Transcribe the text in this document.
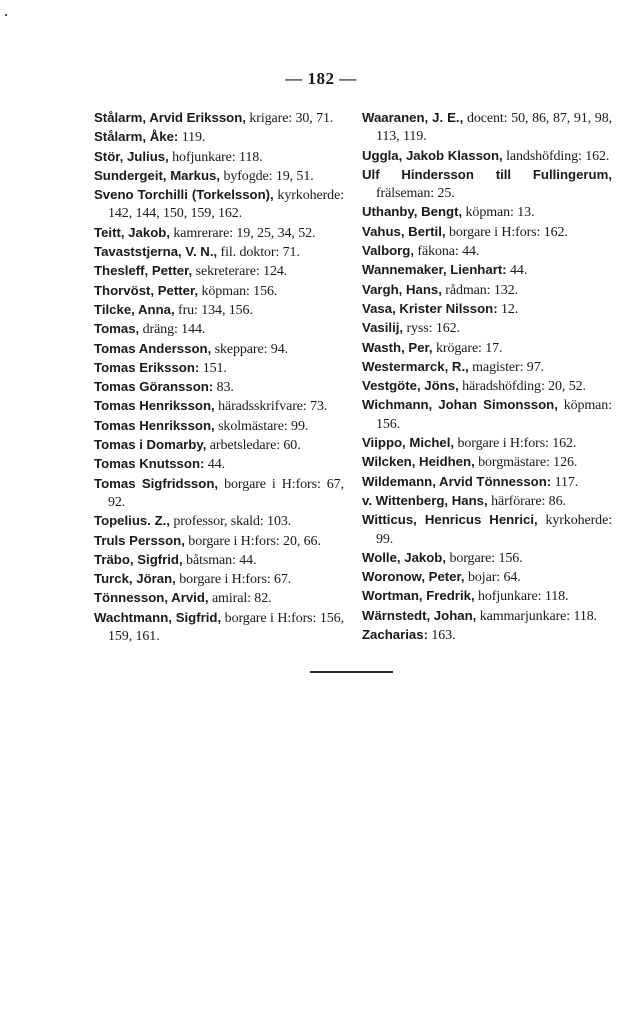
— 182 —
Stålarm, Arvid Eriksson, krigare: 30, 71.
Stålarm, Åke: 119.
Stör, Julius, hofjunkare: 118.
Sundergeit, Markus, byfogde: 19, 51.
Sveno Torchilli (Torkelsson), kyrkoherde: 142, 144, 150, 159, 162.
Teitt, Jakob, kamrerare: 19, 25, 34, 52.
Tavaststjerna, V. N., fil. doktor: 71.
Thesleff, Petter, sekreterare: 124.
Thorvöst, Petter, köpman: 156.
Tilcke, Anna, fru: 134, 156.
Tomas, dräng: 144.
Tomas Andersson, skeppare: 94.
Tomas Eriksson: 151.
Tomas Göransson: 83.
Tomas Henriksson, häradsskrifvare: 73.
Tomas Henriksson, skolmästare: 99.
Tomas i Domarby, arbetsledare: 60.
Tomas Knutsson: 44.
Tomas Sigfridsson, borgare i H:fors: 67, 92.
Topelius. Z., professor, skald: 103.
Truls Persson, borgare i H:fors: 20, 66.
Träbo, Sigfrid, båtsman: 44.
Turck, Jöran, borgare i H:fors: 67.
Tönnesson, Arvid, amiral: 82.
Wachtmann, Sigfrid, borgare i H:fors: 156, 159, 161.
Waaranen, J. E., docent: 50, 86, 87, 91, 98, 113, 119.
Uggla, Jakob Klasson, landshöfding: 162.
Ulf Hindersson till Fullingerum, frälseman: 25.
Uthanby, Bengt, köpman: 13.
Vahus, Bertil, borgare i H:fors: 162.
Valborg, fäkona: 44.
Wannemaker, Lienhart: 44.
Vargh, Hans, rådman: 132.
Vasa, Krister Nilsson: 12.
Vasilij, ryss: 162.
Wasth, Per, krögare: 17.
Westermarck, R., magister: 97.
Vestgöte, Jöns, häradshöfding: 20, 52.
Wichmann, Johan Simonsson, köpman: 156.
Viippo, Michel, borgare i H:fors: 162.
Wilcken, Heidhen, borgmästare: 126.
Wildemann, Arvid Tönnesson: 117.
v. Wittenberg, Hans, härförare: 86.
Witticus, Henricus Henrici, kyrkoherde: 99.
Wolle, Jakob, borgare: 156.
Woronow, Peter, bojar: 64.
Wortman, Fredrik, hofjunkare: 118.
Wärnstedt, Johan, kammarjunkare: 118.
Zacharias: 163.
